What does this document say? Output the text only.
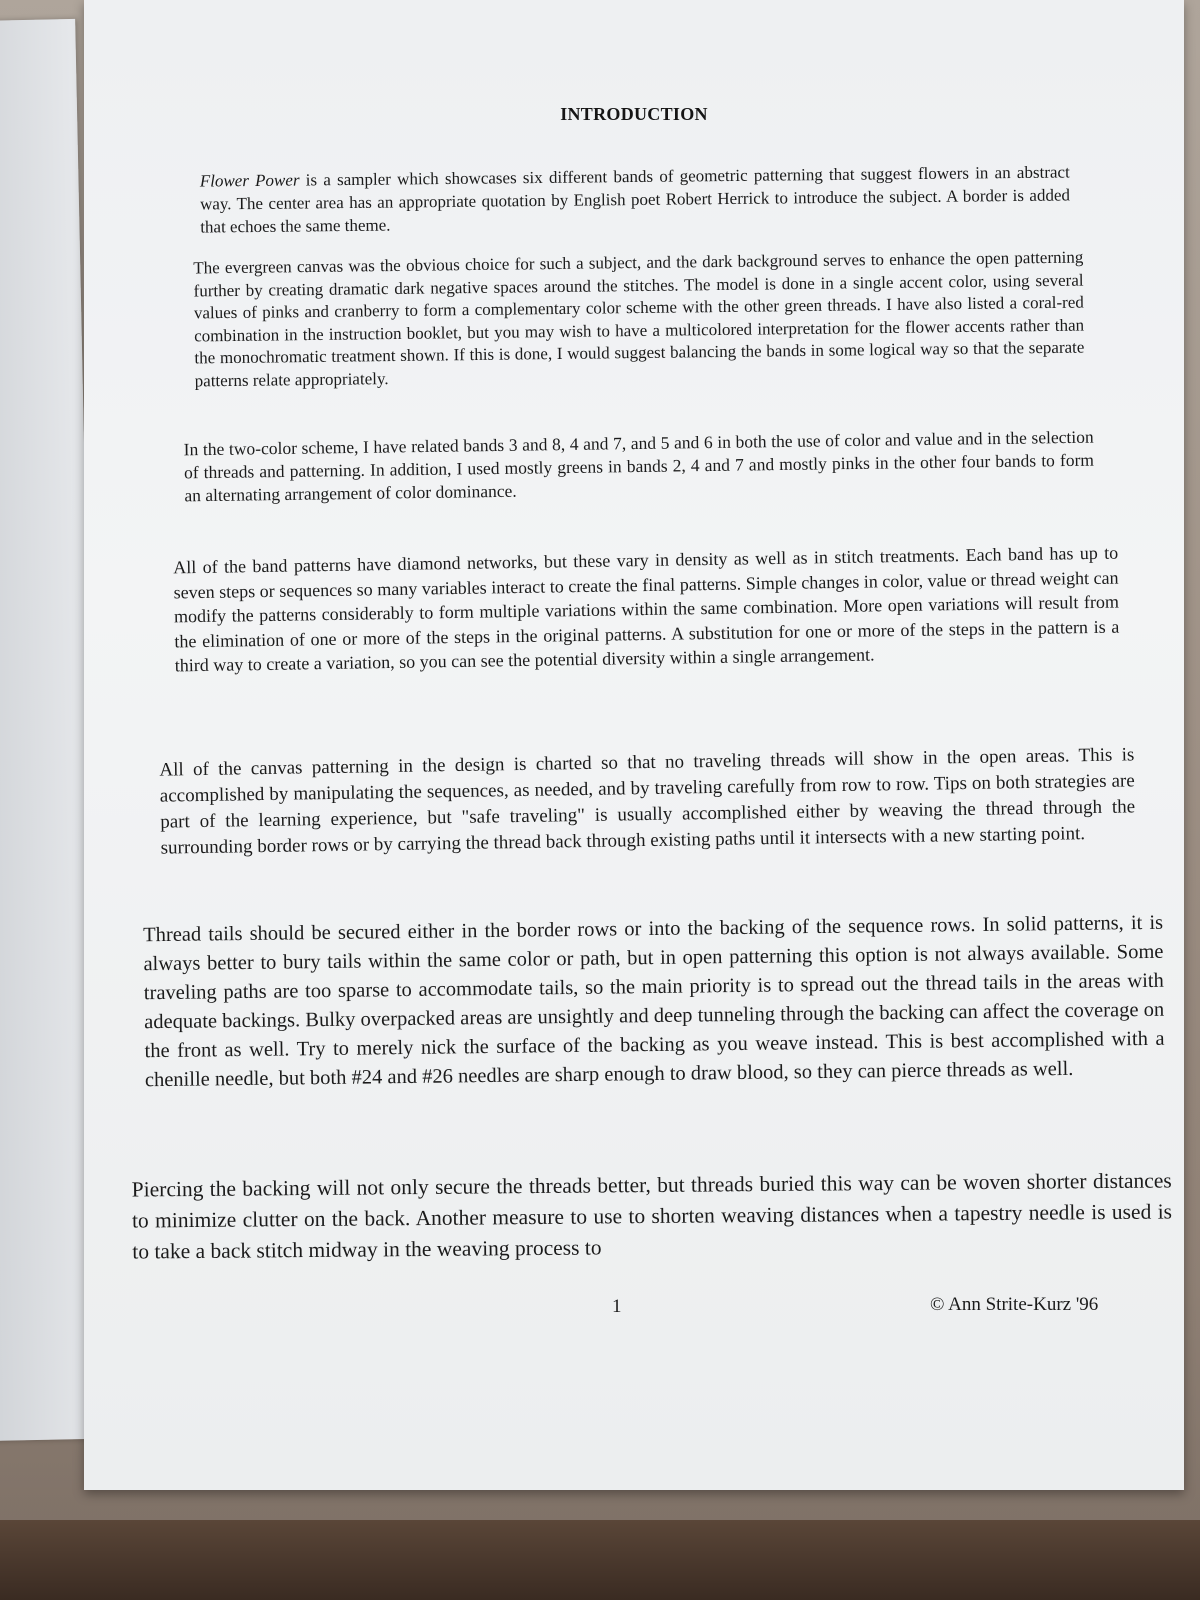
INTRODUCTION

Flower Power is a sampler which showcases six different bands of geometric patterning that suggest flowers in an abstract way. The center area has an appropriate quotation by English poet Robert Herrick to introduce the subject. A border is added that echoes the same theme.

The evergreen canvas was the obvious choice for such a subject, and the dark background serves to enhance the open patterning further by creating dramatic dark negative spaces around the stitches. The model is done in a single accent color, using several values of pinks and cranberry to form a complementary color scheme with the other green threads. I have also listed a coral-red combination in the instruction booklet, but you may wish to have a multicolored interpretation for the flower accents rather than the monochromatic treatment shown. If this is done, I would suggest balancing the bands in some logical way so that the separate patterns relate appropriately.

In the two-color scheme, I have related bands 3 and 8, 4 and 7, and 5 and 6 in both the use of color and value and in the selection of threads and patterning. In addition, I used mostly greens in bands 2, 4 and 7 and mostly pinks in the other four bands to form an alternating arrangement of color dominance.

All of the band patterns have diamond networks, but these vary in density as well as in stitch treatments. Each band has up to seven steps or sequences so many variables interact to create the final patterns. Simple changes in color, value or thread weight can modify the patterns considerably to form multiple variations within the same combination. More open variations will result from the elimination of one or more of the steps in the original patterns. A substitution for one or more of the steps in the pattern is a third way to create a variation, so you can see the potential diversity within a single arrangement.

All of the canvas patterning in the design is charted so that no traveling threads will show in the open areas. This is accomplished by manipulating the sequences, as needed, and by traveling carefully from row to row. Tips on both strategies are part of the learning experience, but "safe traveling" is usually accomplished either by weaving the thread through the surrounding border rows or by carrying the thread back through existing paths until it intersects with a new starting point.

Thread tails should be secured either in the border rows or into the backing of the sequence rows. In solid patterns, it is always better to bury tails within the same color or path, but in open patterning this option is not always available. Some traveling paths are too sparse to accommodate tails, so the main priority is to spread out the thread tails in the areas with adequate backings. Bulky overpacked areas are unsightly and deep tunneling through the backing can affect the coverage on the front as well. Try to merely nick the surface of the backing as you weave instead. This is best accomplished with a chenille needle, but both #24 and #26 needles are sharp enough to draw blood, so they can pierce threads as well.

Piercing the backing will not only secure the threads better, but threads buried this way can be woven shorter distances to minimize clutter on the back. Another measure to use to shorten weaving distances when a tapestry needle is used is to take a back stitch midway in the weaving process to

1	© Ann Strite-Kurz '96
